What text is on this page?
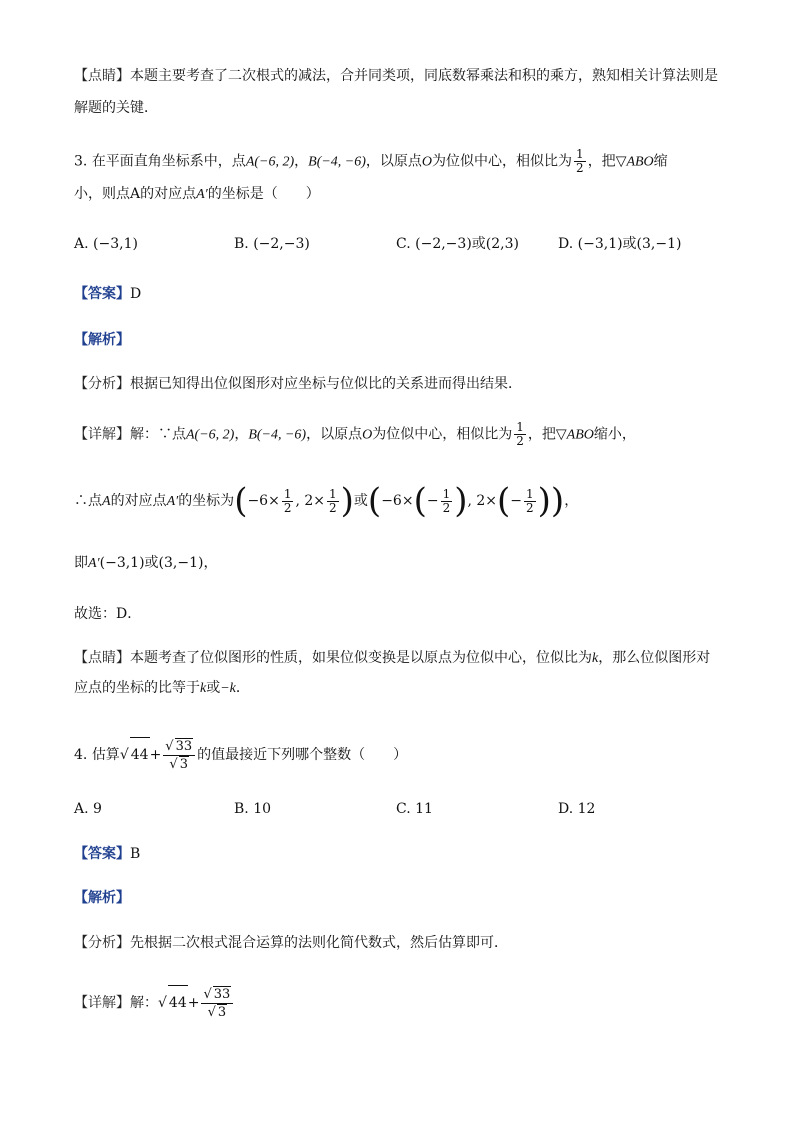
【点睛】本题主要考查了二次根式的减法，合并同类项，同底数幂乘法和积的乘方，熟知相关计算法则是
解题的关键．
3. 在平面直角坐标系中，点A(−6, 2)，B(−4, −6)，以原点O为位似中心，相似比为 $\frac{1}{2}$ ，把▽ABO缩
小，则点A的对应点A′的坐标是（　　）
A. (−3,1)	B. (−2,−3)	C. (−2,−3)或(2,3)	D. (−3,1)或(3,−1)
【答案】D
【解析】
【分析】根据已知得出位似图形对应坐标与位似比的关系进而得出结果．
【详解】解：∵点A(−6, 2)，B(−4, −6)，以原点O为位似中心，相似比为 $\frac{1}{2}$ ，把▽ABO缩小，
∴点A的对应点A′的坐标为($-6\times \frac{1}{2}$ , $2\times \frac{1}{2}$ )或($-6\times(- \frac{1}{2}$ ), $2\times(- \frac{1}{2}$ ))，
即A′(−3,1)或(3,−1)，
故选：D．
【点睛】本题考查了位似图形的性质，如果位似变换是以原点为位似中心，位似比为k，那么位似图形对
应点的坐标的比等于k或−k．
4. 估算√ $44+ \frac{√ 33}{√ 3}$ 的值最接近下列哪个整数（　　）
A. 9	B. 10	C. 11	D. 12
【答案】B
【解析】
【分析】先根据二次根式混合运算的法则化简代数式，然后估算即可．
【详解】解：√ $44+ \frac{√ 33}{√ 3}$
